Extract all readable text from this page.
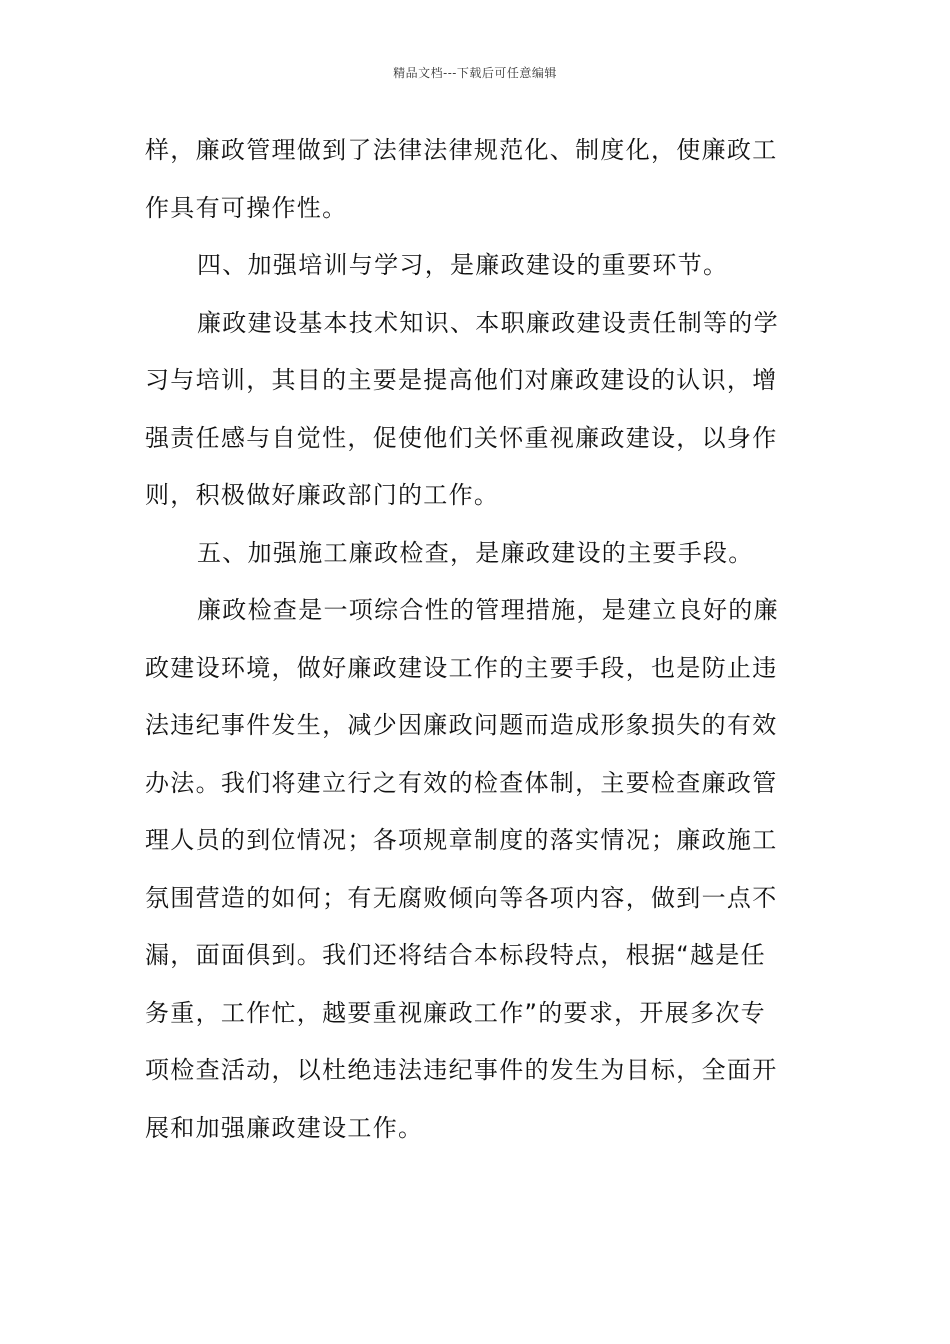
精品文档---下载后可任意编辑
样，廉政管理做到了法律法律规范化、制度化，使廉政工
作具有可操作性。
四、加强培训与学习，是廉政建设的重要环节。
廉政建设基本技术知识、本职廉政建设责任制等的学
习与培训，其目的主要是提高他们对廉政建设的认识，增
强责任感与自觉性，促使他们关怀重视廉政建设，以身作
则，积极做好廉政部门的工作。
五、加强施工廉政检查，是廉政建设的主要手段。
廉政检查是一项综合性的管理措施，是建立良好的廉
政建设环境，做好廉政建设工作的主要手段，也是防止违
法违纪事件发生，减少因廉政问题而造成形象损失的有效
办法。我们将建立行之有效的检查体制，主要检查廉政管
理人员的到位情况；各项规章制度的落实情况；廉政施工
氛围营造的如何；有无腐败倾向等各项内容，做到一点不
漏，面面俱到。我们还将结合本标段特点，根据“越是任
务重，工作忙，越要重视廉政工作”的要求，开展多次专
项检查活动，以杜绝违法违纪事件的发生为目标，全面开
展和加强廉政建设工作。
